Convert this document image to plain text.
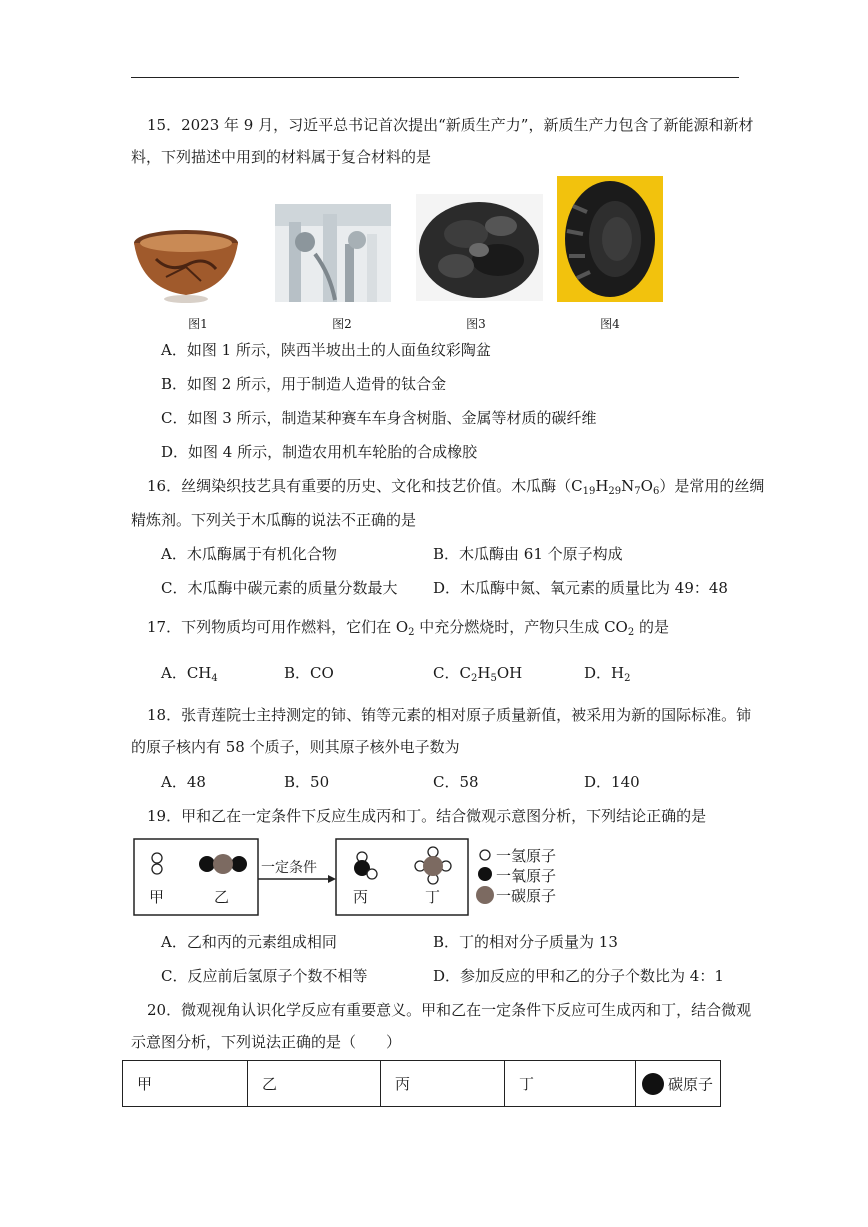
15．2023 年 9 月，习近平总书记首次提出“新质生产力”，新质生产力包含了新能源和新材
料，下列描述中用到的材料属于复合材料的是
图1	图2	图3	图4
A．如图 1 所示，陕西半坡出土的人面鱼纹彩陶盆
B．如图 2 所示，用于制造人造骨的钛合金
C．如图 3 所示，制造某种赛车车身含树脂、金属等材质的碳纤维
D．如图 4 所示，制造农用机车轮胎的合成橡胶
16．丝绸染织技艺具有重要的历史、文化和技艺价值。木瓜酶$(C_{19}H_{29}N_7O_6)$是常用的丝绸
精炼剂。下列关于木瓜酶的说法不正确的是
A．木瓜酶属于有机化合物	B．木瓜酶由 61 个原子构成
C．木瓜酶中碳元素的质量分数最大 D．木瓜酶中氮、氧元素的质量比为 49：48
17．下列物质均可用作燃料，它们在 $O_2$ 中充分燃烧时，产物只生成 $CO_2$ 的是
A．$CH_4$	B．CO	C．$C_2H_5OH$	D．$H_2$
18．张青莲院士主持测定的铈、铕等元素的相对原子质量新值，被采用为新的国际标准。铈
的原子核内有 58 个质子，则其原子核外电子数为
A．48	B．50	C．58	D．140
19．甲和乙在一定条件下反应生成丙和丁。结合微观示意图分析，下列结论正确的是
甲	乙
一定条件
丙	丁
一氢原子
一氧原子
一碳原子
A．乙和丙的元素组成相同	B．丁的相对分子质量为 13
C．反应前后氢原子个数不相等	D．参加反应的甲和乙的分子个数比为 4：1
20．微观视角认识化学反应有重要意义。甲和乙在一定条件下反应可生成丙和丁，结合微观
示意图分析，下列说法正确的是（　　）
甲	乙	丙	丁	碳原子
